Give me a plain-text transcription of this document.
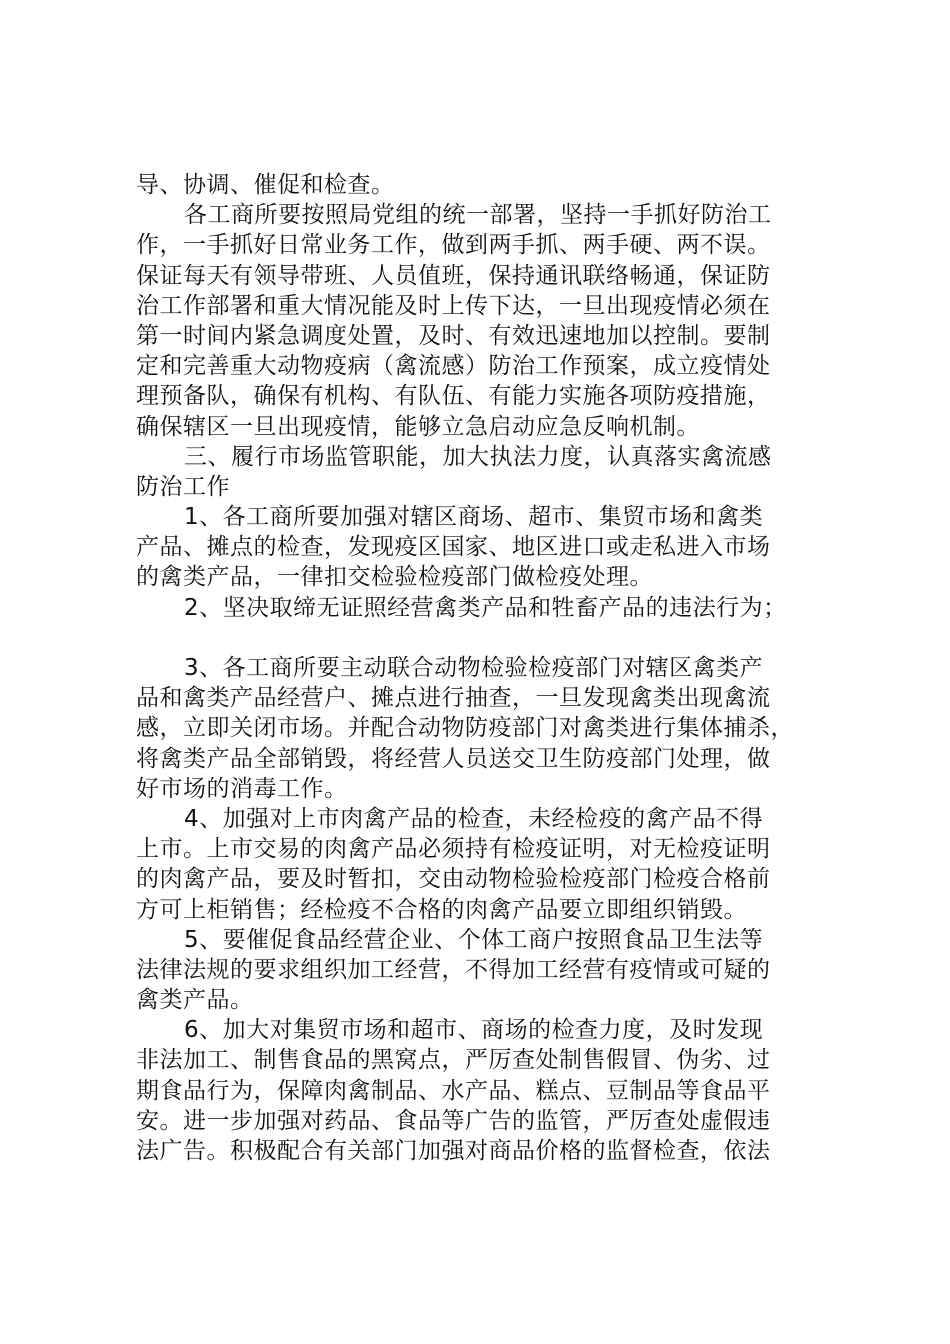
导、协调、催促和检查。
各工商所要按照局党组的统一部署，坚持一手抓好防治工
作，一手抓好日常业务工作，做到两手抓、两手硬、两不误。
保证每天有领导带班、人员值班，保持通讯联络畅通，保证防
治工作部署和重大情况能及时上传下达，一旦出现疫情必须在
第一时间内紧急调度处置，及时、有效迅速地加以控制。要制
定和完善重大动物疫病（禽流感）防治工作预案，成立疫情处
理预备队，确保有机构、有队伍、有能力实施各项防疫措施，
确保辖区一旦出现疫情，能够立急启动应急反响机制。
三、履行市场监管职能，加大执法力度，认真落实禽流感
防治工作
1、各工商所要加强对辖区商场、超市、集贸市场和禽类
产品、摊点的检查，发现疫区国家、地区进口或走私进入市场
的禽类产品，一律扣交检验检疫部门做检疫处理。
2、坚决取缔无证照经营禽类产品和牲畜产品的违法行为；
3、各工商所要主动联合动物检验检疫部门对辖区禽类产
品和禽类产品经营户、摊点进行抽查，一旦发现禽类出现禽流
感，立即关闭市场。并配合动物防疫部门对禽类进行集体捕杀，
将禽类产品全部销毁，将经营人员送交卫生防疫部门处理，做
好市场的消毒工作。
4、加强对上市肉禽产品的检查，未经检疫的禽产品不得
上市。上市交易的肉禽产品必须持有检疫证明，对无检疫证明
的肉禽产品，要及时暂扣，交由动物检验检疫部门检疫合格前
方可上柜销售；经检疫不合格的肉禽产品要立即组织销毁。
5、要催促食品经营企业、个体工商户按照食品卫生法等
法律法规的要求组织加工经营，不得加工经营有疫情或可疑的
禽类产品。
6、加大对集贸市场和超市、商场的检查力度，及时发现
非法加工、制售食品的黑窝点，严厉查处制售假冒、伪劣、过
期食品行为，保障肉禽制品、水产品、糕点、豆制品等食品平
安。进一步加强对药品、食品等广告的监管，严厉查处虚假违
法广告。积极配合有关部门加强对商品价格的监督检查，依法
